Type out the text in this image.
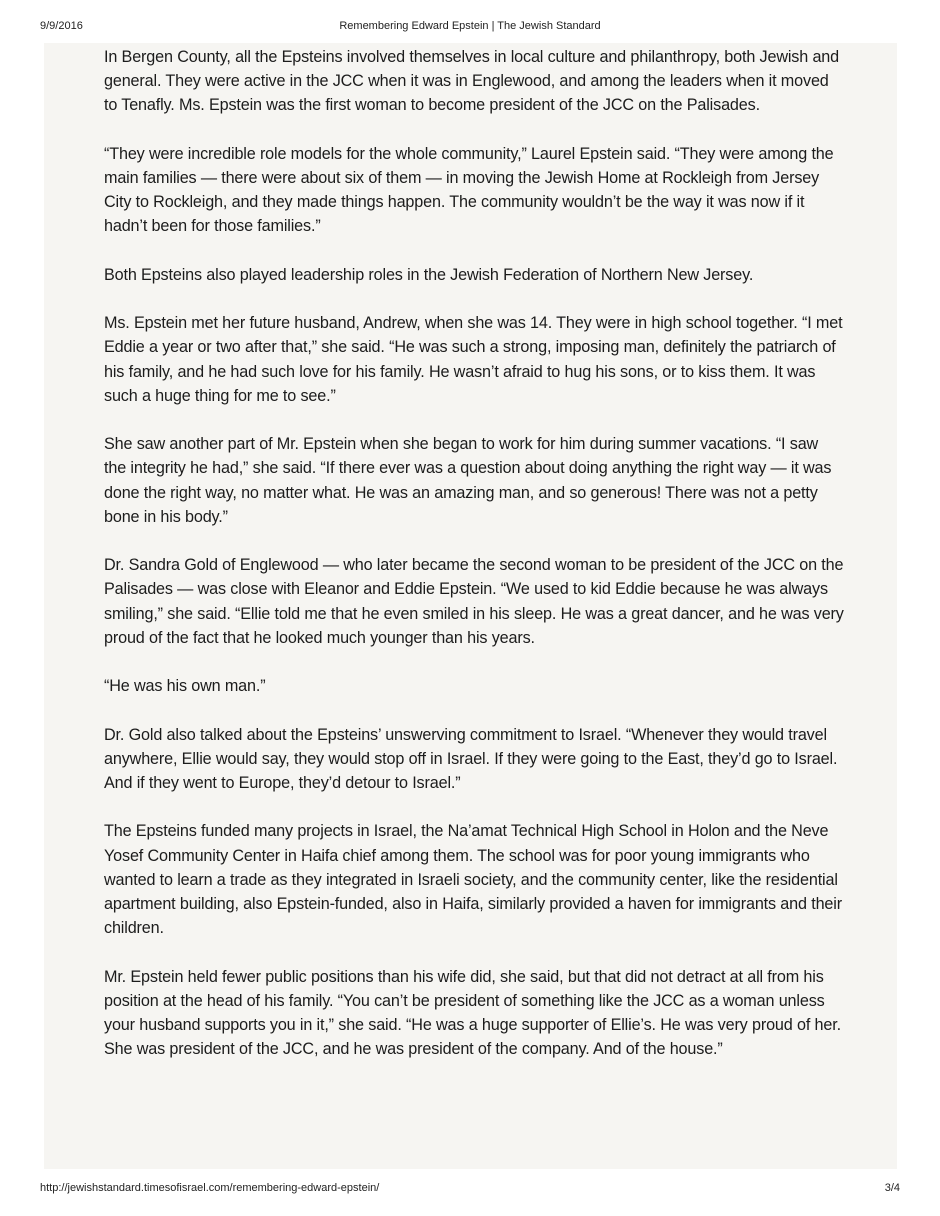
9/9/2016	Remembering Edward Epstein | The Jewish Standard

In Bergen County, all the Epsteins involved themselves in local culture and philanthropy, both Jewish and general. They were active in the JCC when it was in Englewood, and among the leaders when it moved to Tenafly. Ms. Epstein was the first woman to become president of the JCC on the Palisades.

“They were incredible role models for the whole community,” Laurel Epstein said. “They were among the main families — there were about six of them — in moving the Jewish Home at Rockleigh from Jersey City to Rockleigh, and they made things happen. The community wouldn’t be the way it was now if it hadn’t been for those families.”

Both Epsteins also played leadership roles in the Jewish Federation of Northern New Jersey.

Ms. Epstein met her future husband, Andrew, when she was 14. They were in high school together. “I met Eddie a year or two after that,” she said. “He was such a strong, imposing man, definitely the patriarch of his family, and he had such love for his family. He wasn’t afraid to hug his sons, or to kiss them. It was such a huge thing for me to see.”

She saw another part of Mr. Epstein when she began to work for him during summer vacations. “I saw the integrity he had,” she said. “If there ever was a question about doing anything the right way — it was done the right way, no matter what. He was an amazing man, and so generous! There was not a petty bone in his body.”

Dr. Sandra Gold of Englewood — who later became the second woman to be president of the JCC on the Palisades — was close with Eleanor and Eddie Epstein. “We used to kid Eddie because he was always smiling,” she said. “Ellie told me that he even smiled in his sleep. He was a great dancer, and he was very proud of the fact that he looked much younger than his years.

“He was his own man.”

Dr. Gold also talked about the Epsteins’ unswerving commitment to Israel. “Whenever they would travel anywhere, Ellie would say, they would stop off in Israel. If they were going to the East, they’d go to Israel. And if they went to Europe, they’d detour to Israel.”

The Epsteins funded many projects in Israel, the Na’amat Technical High School in Holon and the Neve Yosef Community Center in Haifa chief among them. The school was for poor young immigrants who wanted to learn a trade as they integrated in Israeli society, and the community center, like the residential apartment building, also Epstein-funded, also in Haifa, similarly provided a haven for immigrants and their children.

Mr. Epstein held fewer public positions than his wife did, she said, but that did not detract at all from his position at the head of his family. “You can’t be president of something like the JCC as a woman unless your husband supports you in it,” she said. “He was a huge supporter of Ellie’s. He was very proud of her. She was president of the JCC, and he was president of the company. And of the house.”

http://jewishstandard.timesofisrael.com/remembering-edward-epstein/	3/4
